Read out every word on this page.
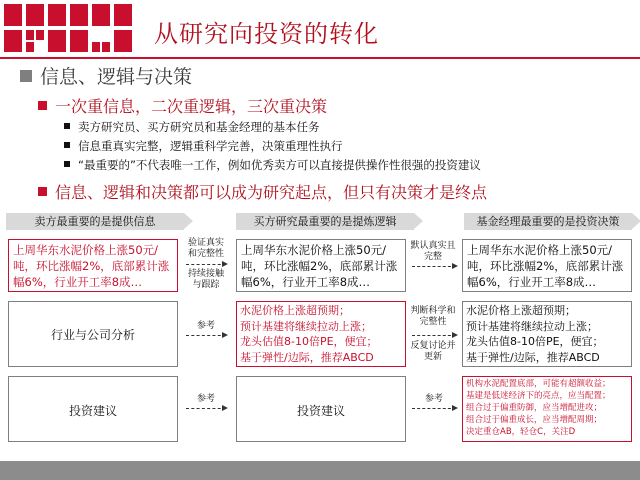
从研究向投资的转化
信息、逻辑与决策
一次重信息，二次重逻辑，三次重决策
卖方研究员、买方研究员和基金经理的基本任务
信息重真实完整，逻辑重科学完善，决策重理性执行
“最重要的”不代表唯一工作，例如优秀卖方可以直接提供操作性很强的投资建议
信息、逻辑和决策都可以成为研究起点，但只有决策才是终点
卖方最重要的是提供信息	买方研究最重要的是提炼逻辑	基金经理最重要的是投资决策
上周华东水泥价格上涨50元/吨，环比涨幅2%，底部累计涨幅6%，行业开工率8成…
验证真实和完整性
持续接触与跟踪
上周华东水泥价格上涨50元/吨，环比涨幅2%，底部累计涨幅6%，行业开工率8成…
默认真实且完整	上周华东水泥价格上涨50元/吨，环比涨幅2%，底部累计涨幅6%，行业开工率8成…
行业与公司分析
参考
水泥价格上涨超预期；
预计基建将继续拉动上涨；
龙头估值8-10倍PE，便宜；
基于弹性/边际，推荐ABCD
判断科学和完整性
反复讨论并更新
水泥价格上涨超预期；
预计基建将继续拉动上涨；
龙头估值8-10倍PE，便宜；
基于弹性/边际，推荐ABCD
投资建议
参考
投资建议
参考
机构水泥配置底部，可能有超额收益；
基建是低迷经济下的亮点，应当配置；
组合过于偏重防御，应当增配进攻；
组合过于偏重成长，应当增配周期；
决定重仓AB，轻仓C，关注D
